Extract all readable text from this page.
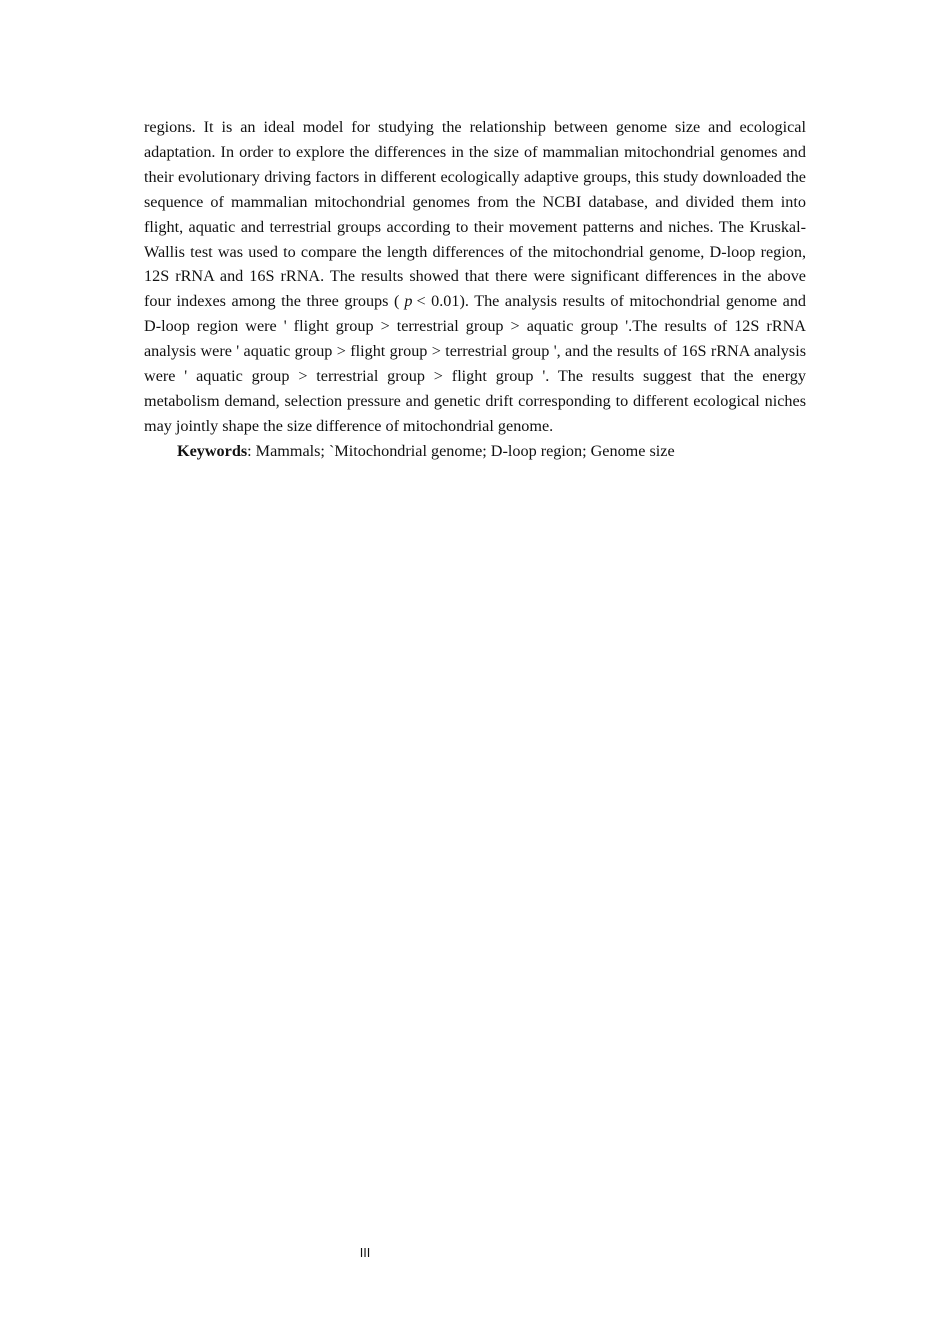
regions. It is an ideal model for studying the relationship between genome size and ecological adaptation. In order to explore the differences in the size of mammalian mitochondrial genomes and their evolutionary driving factors in different ecologically adaptive groups, this study downloaded the sequence of mammalian mitochondrial genomes from the NCBI database, and divided them into flight, aquatic and terrestrial groups according to their movement patterns and niches. The Kruskal-Wallis test was used to compare the length differences of the mitochondrial genome, D-loop region, 12S rRNA and 16S rRNA. The results showed that there were significant differences in the above four indexes among the three groups ( p < 0.01). The analysis results of mitochondrial genome and D-loop region were ' flight group > terrestrial group > aquatic group '.The results of 12S rRNA analysis were ' aquatic group > flight group > terrestrial group ', and the results of 16S rRNA analysis were ' aquatic group > terrestrial group > flight group '. The results suggest that the energy metabolism demand, selection pressure and genetic drift corresponding to different ecological niches may jointly shape the size difference of mitochondrial genome.

Keywords: Mammals; `Mitochondrial genome; D-loop region; Genome size

III
